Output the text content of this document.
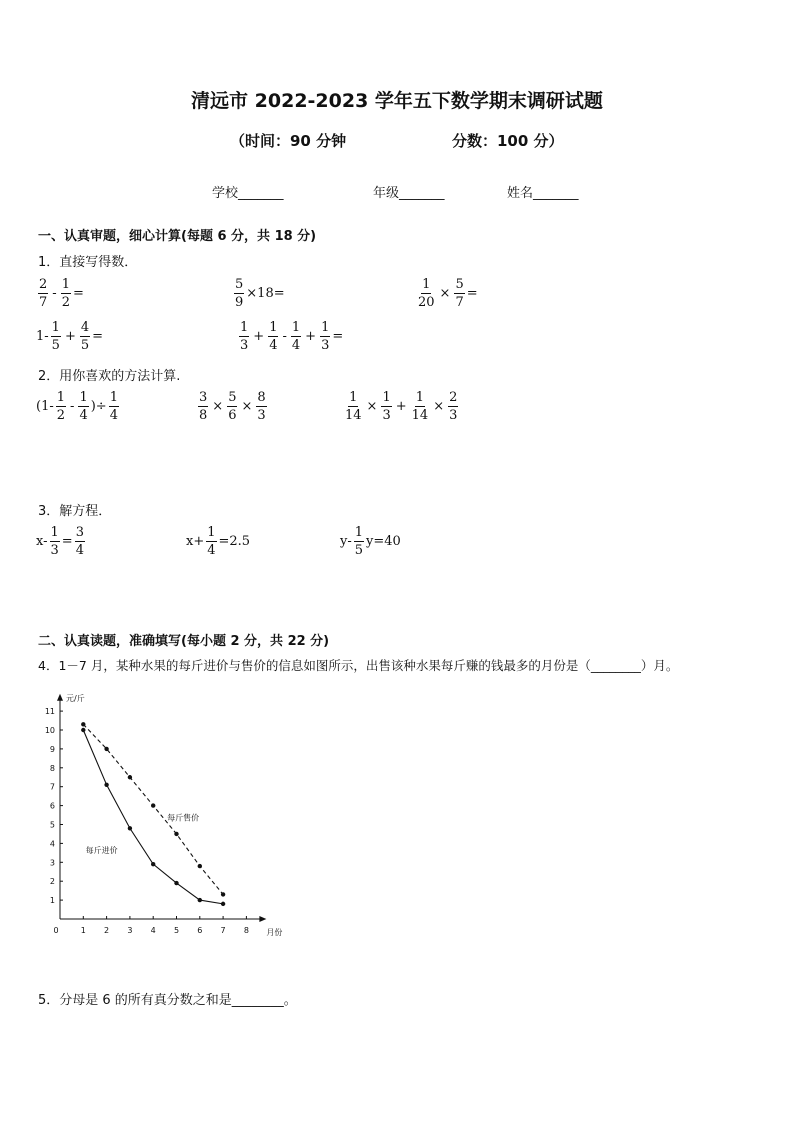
清远市 2022-2023 学年五下数学期末调研试题
（时间：90 分钟	分数：100 分）
学校_______	年级_______	姓名_______
一、认真审题，细心计算(每题 6 分，共 18 分)
1．直接写得数．
$\frac{2}{7} - \frac{1}{2}$ =	$\frac{5}{9} \times 18$ =	$\frac{1}{20} \times \frac{5}{7}$ =
$1- \frac{1}{5} + \frac{4}{5}$ =	$\frac{1}{3} + \frac{1}{4} - \frac{1}{4} + \frac{1}{3}$ =
2．用你喜欢的方法计算.
($1- \frac{1}{2} - \frac{1}{4}$ )÷ $\frac{1}{4}$	$\frac{3}{8} \times \frac{5}{6} \times \frac{8}{3}$	$\frac{1}{14} \times \frac{1}{3} + \frac{1}{14} \times \frac{2}{3}$
3．解方程．
$x- \frac{1}{3} = \frac{3}{4}$	$x+ \frac{1}{4} =2.5$	$y- \frac{1}{5} y=40$
二、认真读题，准确填写(每小题 2 分，共 22 分)
4．1－7 月，某种水果的每斤进价与售价的信息如图所示，出售该种水果每斤赚的钱最多的月份是（________）月。
0	1 2 3 4 5 6 7 8
1
2
3
4
5
6
7
8
9
10
11
元/斤
月份
每斤售价
每斤进价
5．分母是 6 的所有真分数之和是________。
